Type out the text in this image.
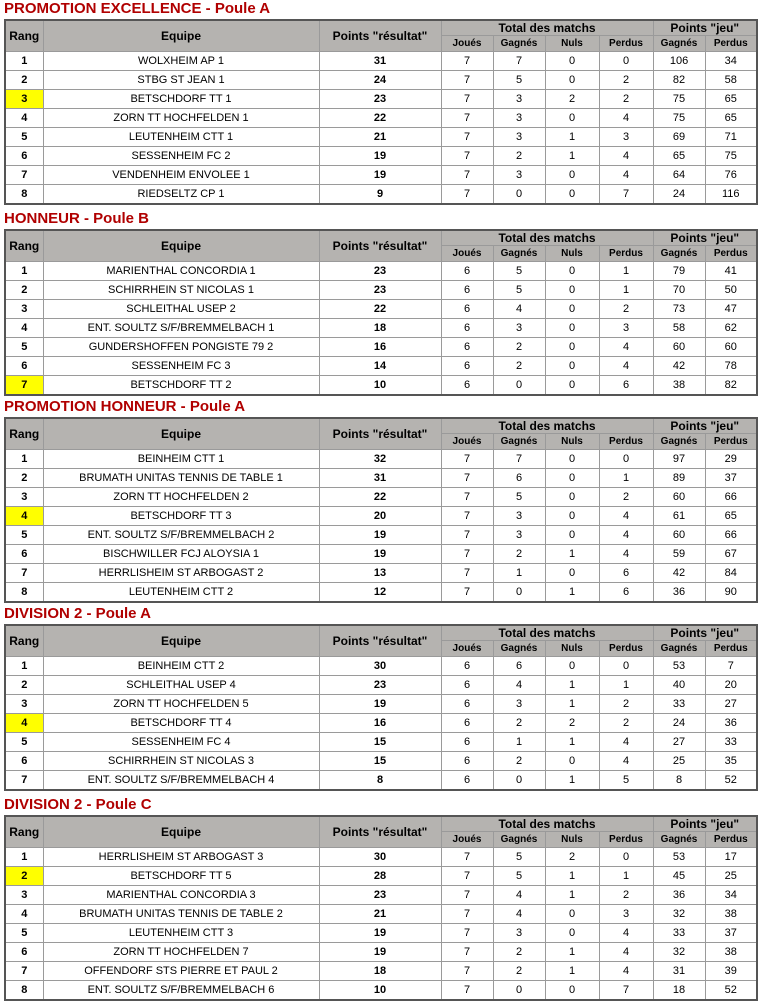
PROMOTION EXCELLENCE - Poule A
Rang	Equipe	Points "résultat"	Total des matchs				Points "jeu"	
			Joués	Gagnés	Nuls	Perdus	Gagnés	Perdus
1	WOLXHEIM AP 1	31	7	7	0	0	106	34
2	STBG ST JEAN 1	24	7	5	0	2	82	58
3	BETSCHDORF TT 1	23	7	3	2	2	75	65
4	ZORN TT HOCHFELDEN 1	22	7	3	0	4	75	65
5	LEUTENHEIM CTT 1	21	7	3	1	3	69	71
6	SESSENHEIM FC 2	19	7	2	1	4	65	75
7	VENDENHEIM ENVOLEE 1	19	7	3	0	4	64	76
8	RIEDSELTZ CP 1	9	7	0	0	7	24	116
HONNEUR - Poule B
Rang	Equipe	Points "résultat"	Total des matchs				Points "jeu"	
			Joués	Gagnés	Nuls	Perdus	Gagnés	Perdus
1	MARIENTHAL CONCORDIA 1	23	6	5	0	1	79	41
2	SCHIRRHEIN ST NICOLAS 1	23	6	5	0	1	70	50
3	SCHLEITHAL USEP 2	22	6	4	0	2	73	47
4	ENT. SOULTZ S/F/BREMMELBACH 1	18	6	3	0	3	58	62
5	GUNDERSHOFFEN PONGISTE 79 2	16	6	2	0	4	60	60
6	SESSENHEIM FC 3	14	6	2	0	4	42	78
7	BETSCHDORF TT 2	10	6	0	0	6	38	82
PROMOTION HONNEUR - Poule A
Rang	Equipe	Points "résultat"	Total des matchs				Points "jeu"	
			Joués	Gagnés	Nuls	Perdus	Gagnés	Perdus
1	BEINHEIM CTT 1	32	7	7	0	0	97	29
2	BRUMATH UNITAS TENNIS DE TABLE 1	31	7	6	0	1	89	37
3	ZORN TT HOCHFELDEN 2	22	7	5	0	2	60	66
4	BETSCHDORF TT 3	20	7	3	0	4	61	65
5	ENT. SOULTZ S/F/BREMMELBACH 2	19	7	3	0	4	60	66
6	BISCHWILLER FCJ ALOYSIA 1	19	7	2	1	4	59	67
7	HERRLISHEIM ST ARBOGAST 2	13	7	1	0	6	42	84
8	LEUTENHEIM CTT 2	12	7	0	1	6	36	90
DIVISION 2 - Poule A
Rang	Equipe	Points "résultat"	Total des matchs				Points "jeu"	
			Joués	Gagnés	Nuls	Perdus	Gagnés	Perdus
1	BEINHEIM CTT 2	30	6	6	0	0	53	7
2	SCHLEITHAL USEP 4	23	6	4	1	1	40	20
3	ZORN TT HOCHFELDEN 5	19	6	3	1	2	33	27
4	BETSCHDORF TT 4	16	6	2	2	2	24	36
5	SESSENHEIM FC 4	15	6	1	1	4	27	33
6	SCHIRRHEIN ST NICOLAS 3	15	6	2	0	4	25	35
7	ENT. SOULTZ S/F/BREMMELBACH 4	8	6	0	1	5	8	52
DIVISION 2 - Poule C
Rang	Equipe	Points "résultat"	Total des matchs				Points "jeu"	
			Joués	Gagnés	Nuls	Perdus	Gagnés	Perdus
1	HERRLISHEIM ST ARBOGAST 3	30	7	5	2	0	53	17
2	BETSCHDORF TT 5	28	7	5	1	1	45	25
3	MARIENTHAL CONCORDIA 3	23	7	4	1	2	36	34
4	BRUMATH UNITAS TENNIS DE TABLE 2	21	7	4	0	3	32	38
5	LEUTENHEIM CTT 3	19	7	3	0	4	33	37
6	ZORN TT HOCHFELDEN 7	19	7	2	1	4	32	38
7	OFFENDORF STS PIERRE ET PAUL 2	18	7	2	1	4	31	39
8	ENT. SOULTZ S/F/BREMMELBACH 6	10	7	0	0	7	18	52
